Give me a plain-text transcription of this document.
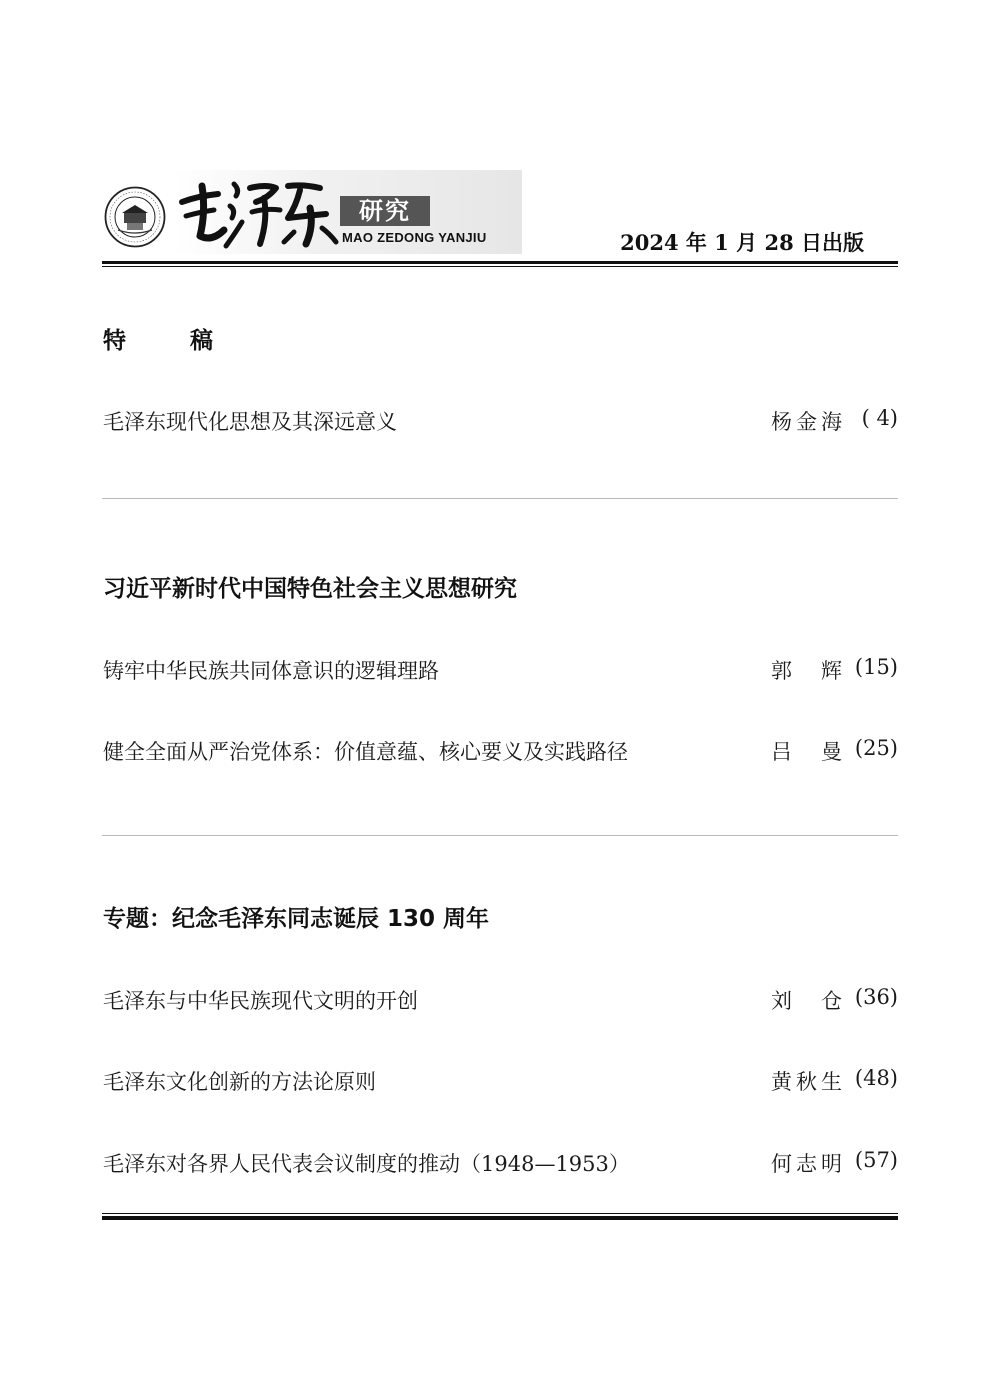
研究
MAO ZEDONG YANJIU	2024 年 1 月 28 日出版
特稿
毛泽东现代化思想及其深远意义	杨金海 ( 4)
习近平新时代中国特色社会主义思想研究
铸牢中华民族共同体意识的逻辑理路	郭　辉 (15)
健全全面从严治党体系：价值意蕴、核心要义及实践路径	吕　曼 (25)
专题：纪念毛泽东同志诞辰 130 周年
毛泽东与中华民族现代文明的开创	刘　仓 (36)
毛泽东文化创新的方法论原则	黄秋生 (48)
毛泽东对各界人民代表会议制度的推动（1948—1953）	何志明 (57)
